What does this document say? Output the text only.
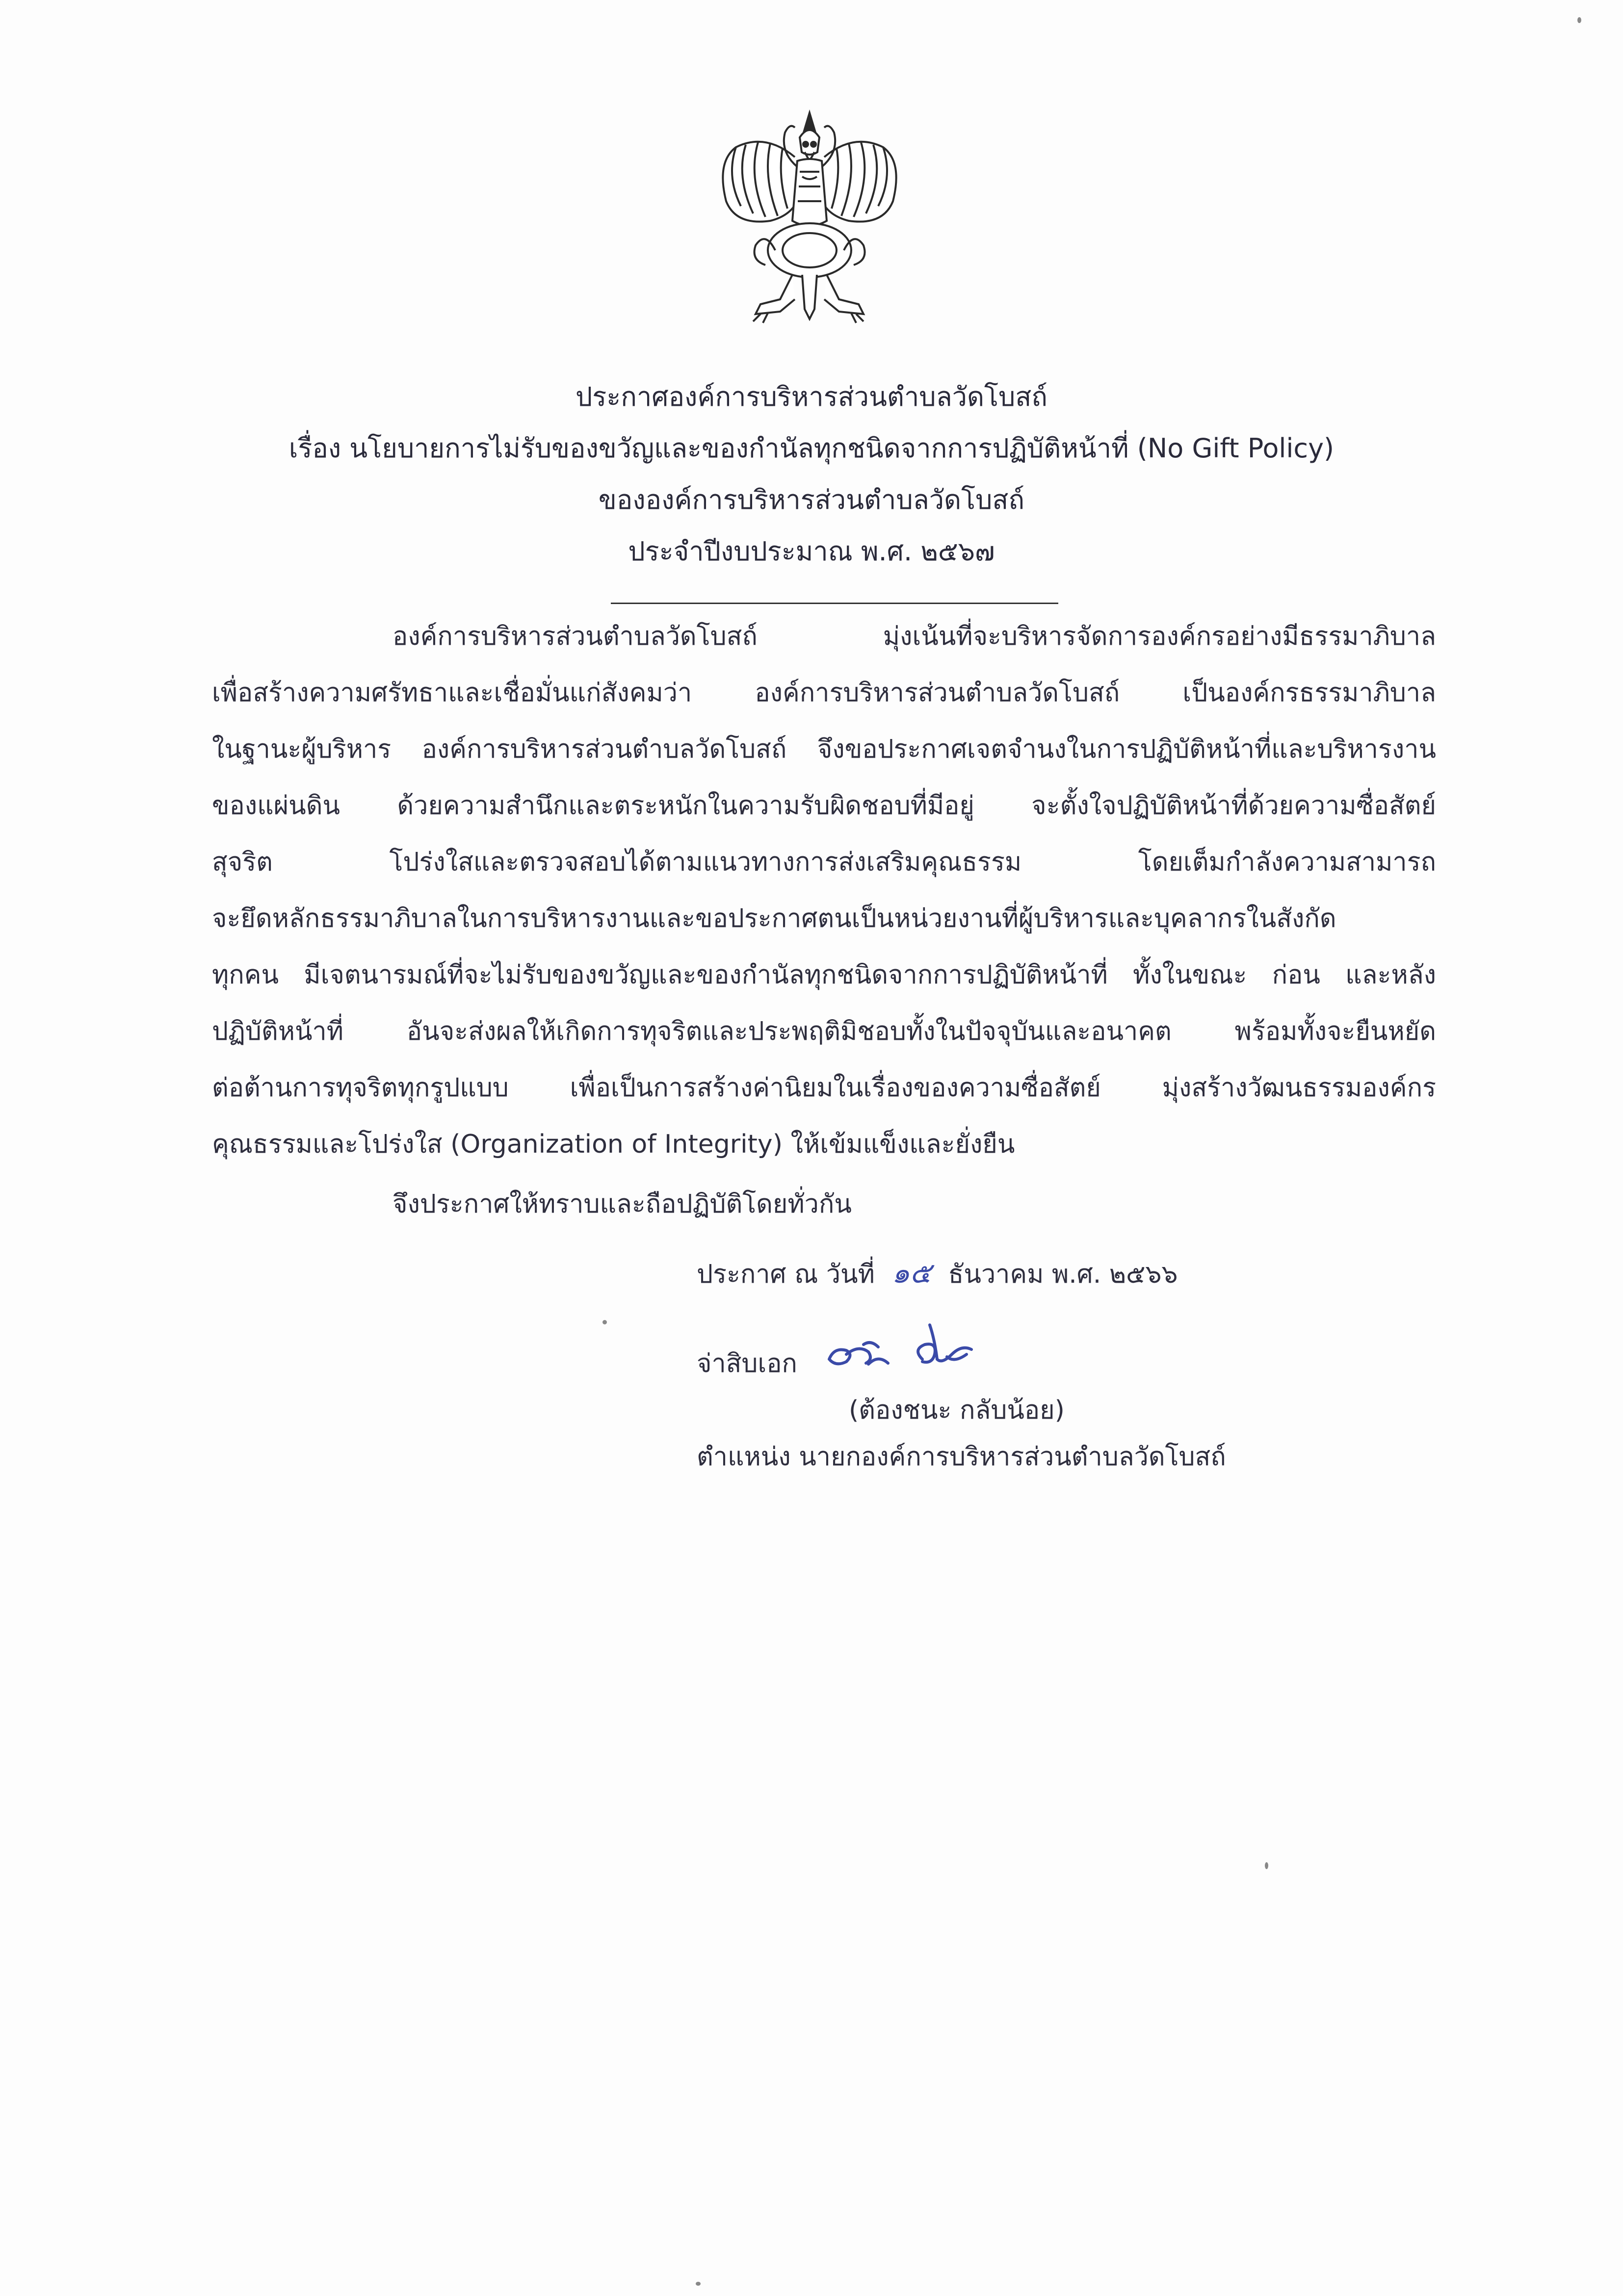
ประกาศองค์การบริหารส่วนตำบลวัดโบสถ์
เรื่อง นโยบายการไม่รับของขวัญและของกำนัลทุกชนิดจากการปฏิบัติหน้าที่ (No Gift Policy)
ขององค์การบริหารส่วนตำบลวัดโบสถ์
ประจำปีงบประมาณ พ.ศ. ๒๕๖๗
องค์การบริหารส่วนตำบลวัดโบสถ์ มุ่งเน้นที่จะบริหารจัดการองค์กรอย่างมีธรรมาภิบาล
เพื่อสร้างความศรัทธาและเชื่อมั่นแก่สังคมว่า องค์การบริหารส่วนตำบลวัดโบสถ์ เป็นองค์กรธรรมาภิบาล
ในฐานะผู้บริหาร องค์การบริหารส่วนตำบลวัดโบสถ์ จึงขอประกาศเจตจำนงในการปฏิบัติหน้าที่และบริหารงาน
ของแผ่นดิน ด้วยความสำนึกและตระหนักในความรับผิดชอบที่มีอยู่ จะตั้งใจปฏิบัติหน้าที่ด้วยความซื่อสัตย์
สุจริต โปร่งใสและตรวจสอบได้ตามแนวทางการส่งเสริมคุณธรรม โดยเต็มกำลังความสามารถ
จะยึดหลักธรรมาภิบาลในการบริหารงานและขอประกาศตนเป็นหน่วยงานที่ผู้บริหารและบุคลากรในสังกัด
ทุกคน มีเจตนารมณ์ที่จะไม่รับของขวัญและของกำนัลทุกชนิดจากการปฏิบัติหน้าที่ ทั้งในขณะ ก่อน และหลัง
ปฏิบัติหน้าที่ อันจะส่งผลให้เกิดการทุจริตและประพฤติมิชอบทั้งในปัจจุบันและอนาคต พร้อมทั้งจะยืนหยัด
ต่อต้านการทุจริตทุกรูปแบบ เพื่อเป็นการสร้างค่านิยมในเรื่องของความซื่อสัตย์ มุ่งสร้างวัฒนธรรมองค์กร
คุณธรรมและโปร่งใส (Organization of Integrity) ให้เข้มแข็งและยั่งยืน
จึงประกาศให้ทราบและถือปฏิบัติโดยทั่วกัน
ประกาศ ณ วันที่ ๑๕ ธันวาคม พ.ศ. ๒๕๖๖
จ่าสิบเอก
(ต้องชนะ กลับน้อย)
ตำแหน่ง นายกองค์การบริหารส่วนตำบลวัดโบสถ์
